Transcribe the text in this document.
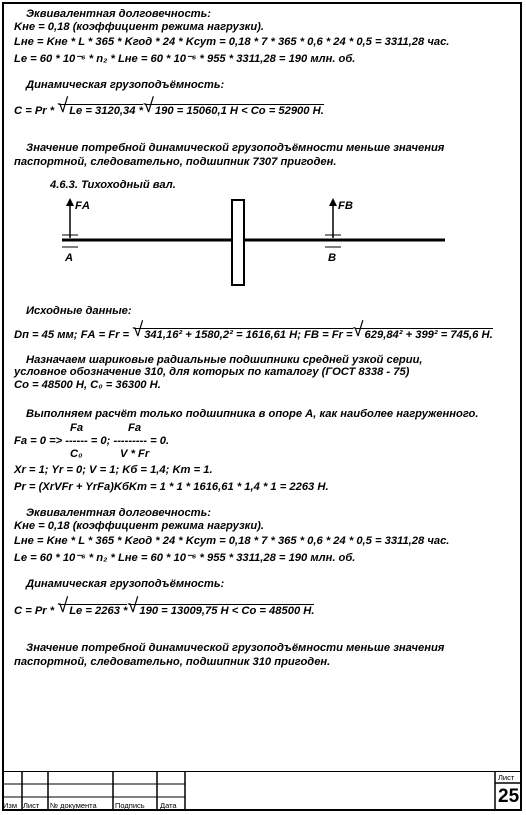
Эквивалентная долговечность:
Kнe = 0,18 (коэффициент режима нагрузки).
Lнe = Kнe * L * 365 * Kгод * 24 * Kсут = 0,18 * 7 * 365 * 0,6 * 24 * 0,5 = 3311,28 час.
Lе = 60 * 10⁻⁶ * n₂ * Lнe = 60 * 10⁻⁶ * 955 * 3311,28 = 190 млн. об.
Динамическая грузоподъёмность:
C = Pr * √ Lе = 3120,34 *√ 190 = 15060,1 Н < Cо = 52900 Н.
Значение потребной динамической грузоподъёмности меньше значения
паспортной, следовательно, подшипник 7307 пригоден.
4.6.3. Тихоходный вал.
FА	FВ
А	В
Исходные данные:
Dп = 45 мм; FА = Fr = √ 341,16² + 1580,2² = 1616,61 Н; FВ = Fr =√ 629,84² + 399² = 745,6 Н.
Назначаем шариковые радиальные подшипники средней узкой серии,
условное обозначение 310, для которых по каталогу (ГОСТ 8338 - 75)
Cо = 48500 Н, C₀ = 36300 Н.
Выполняем расчёт только подшипника в опоре А, как наиболее нагруженного.
Fa	Fa
Fa = 0 => ------ = 0; --------- = 0.
C₀	V * Fr
Xr = 1; Yr = 0; V = 1; Kб = 1,4; Kт = 1.
Pr = (XrVFr + YrFa)KбKт = 1 * 1 * 1616,61 * 1,4 * 1 = 2263 Н.
Эквивалентная долговечность:
Kнe = 0,18 (коэффициент режима нагрузки).
Lнe = Kнe * L * 365 * Kгод * 24 * Kсут = 0,18 * 7 * 365 * 0,6 * 24 * 0,5 = 3311,28 час.
Lе = 60 * 10⁻⁶ * n₂ * Lнe = 60 * 10⁻⁶ * 955 * 3311,28 = 190 млн. об.
Динамическая грузоподъёмность:
C = Pr * √ Lе = 2263 *√ 190 = 13009,75 Н < Cо = 48500 Н.
Значение потребной динамической грузоподъёмности меньше значения
паспортной, следовательно, подшипник 310 пригоден.
Изм Лист № документа Подпись Дата
Лист
25
